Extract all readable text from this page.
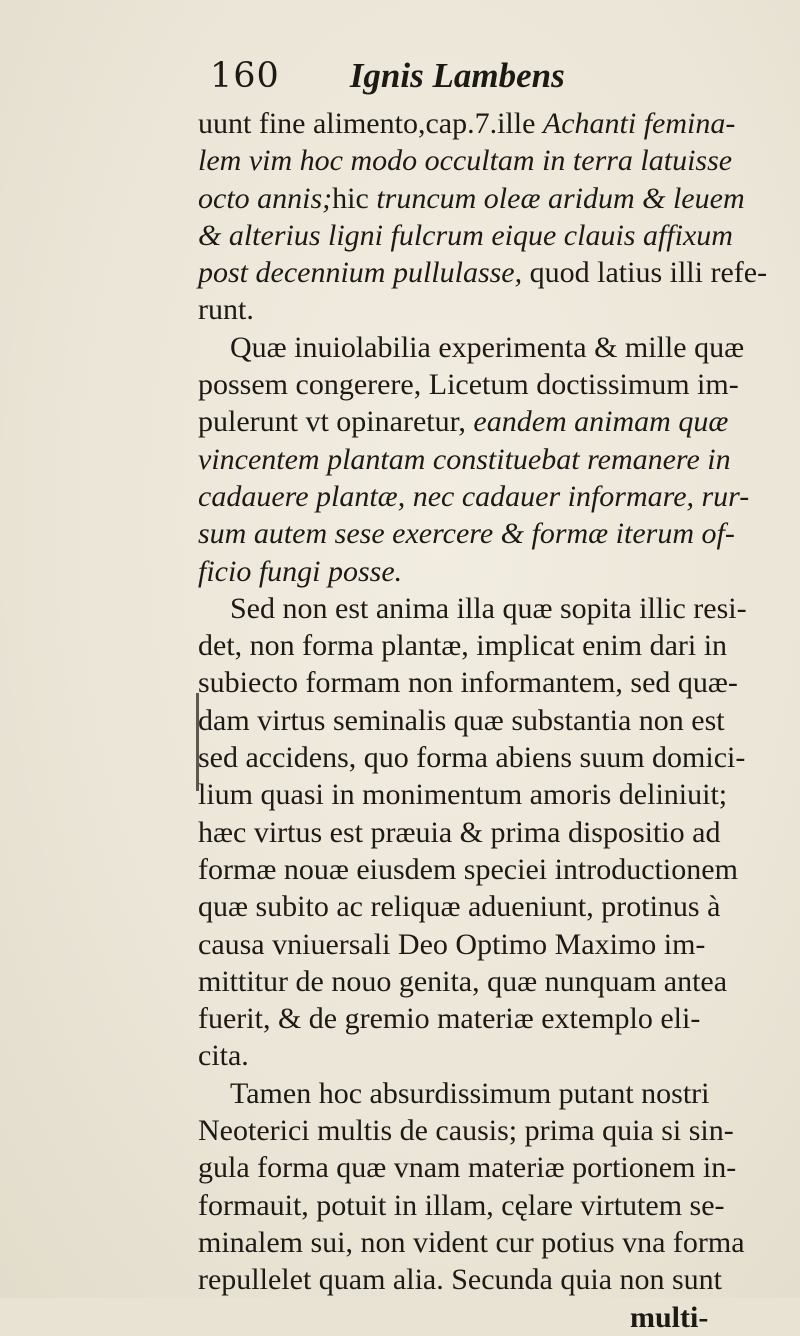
160 Ignis Lambens
uunt fine alimento,cap.7.ille Achanti femina-
lem vim hoc modo occultam in terra latuisse
octo annis;hic truncum oleæ aridum & leuem
& alterius ligni fulcrum eique clauis affixum
post decennium pullulasse, quod latius illi refe-
runt.
Quæ inuiolabilia experimenta & mille quæ
possem congerere, Licetum doctissimum im-
pulerunt vt opinaretur, eandem animam quæ
vincentem plantam constituebat remanere in
cadauere plantæ, nec cadauer informare, rur-
sum autem sese exercere & formæ iterum of-
ficio fungi posse.
Sed non est anima illa quæ sopita illic resi-
det, non forma plantæ, implicat enim dari in
subiecto formam non informantem, sed quæ-
dam virtus seminalis quæ substantia non est
sed accidens, quo forma abiens suum domici-
lium quasi in monimentum amoris deliniuit;
hæc virtus est præuia & prima dispositio ad
formæ nouæ eiusdem speciei introductionem
quæ subito ac reliquæ adueniunt, protinus à
causa vniuersali Deo Optimo Maximo im-
mittitur de nouo genita, quæ nunquam antea
fuerit, & de gremio materiæ extemplo eli-
cita.
Tamen hoc absurdissimum putant nostri
Neoterici multis de causis; prima quia si sin-
gula forma quæ vnam materiæ portionem in-
formauit, potuit in illam, cęlare virtutem se-
minalem sui, non vident cur potius vna forma
repullelet quam alia. Secunda quia non sunt
multi-
